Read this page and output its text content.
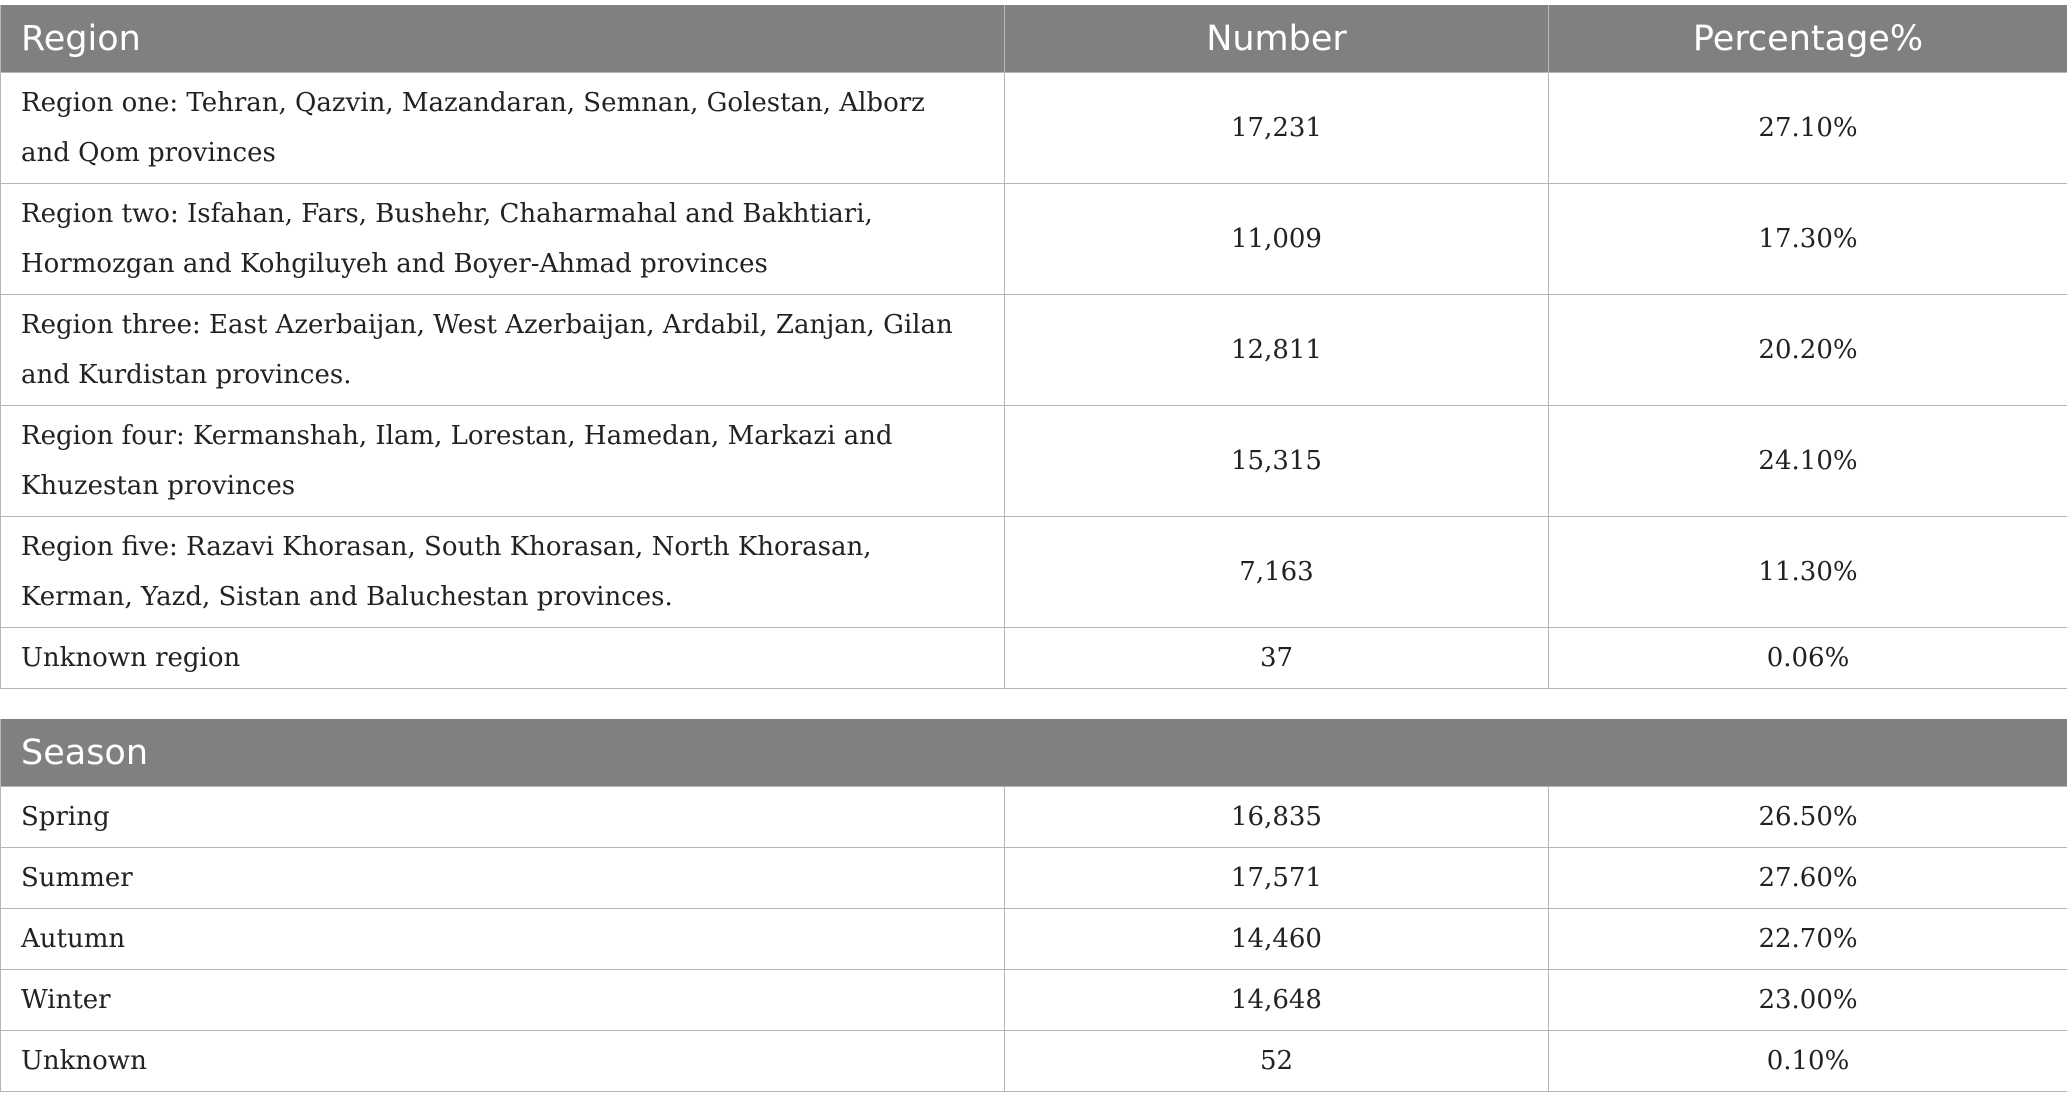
Region	Number	Percentage%
Region one: Tehran, Qazvin, Mazandaran, Semnan, Golestan, Alborz and Qom provinces	17,231	27.10%
Region two: Isfahan, Fars, Bushehr, Chaharmahal and Bakhtiari, Hormozgan and Kohgiluyeh and Boyer-Ahmad provinces	11,009	17.30%
Region three: East Azerbaijan, West Azerbaijan, Ardabil, Zanjan, Gilan and Kurdistan provinces.	12,811	20.20%
Region four: Kermanshah, Ilam, Lorestan, Hamedan, Markazi and Khuzestan provinces	15,315	24.10%
Region five: Razavi Khorasan, South Khorasan, North Khorasan, Kerman, Yazd, Sistan and Baluchestan provinces.	7,163	11.30%
Unknown region	37	0.06%
Season		
Spring	16,835	26.50%
Summer	17,571	27.60%
Autumn	14,460	22.70%
Winter	14,648	23.00%
Unknown	52	0.10%
